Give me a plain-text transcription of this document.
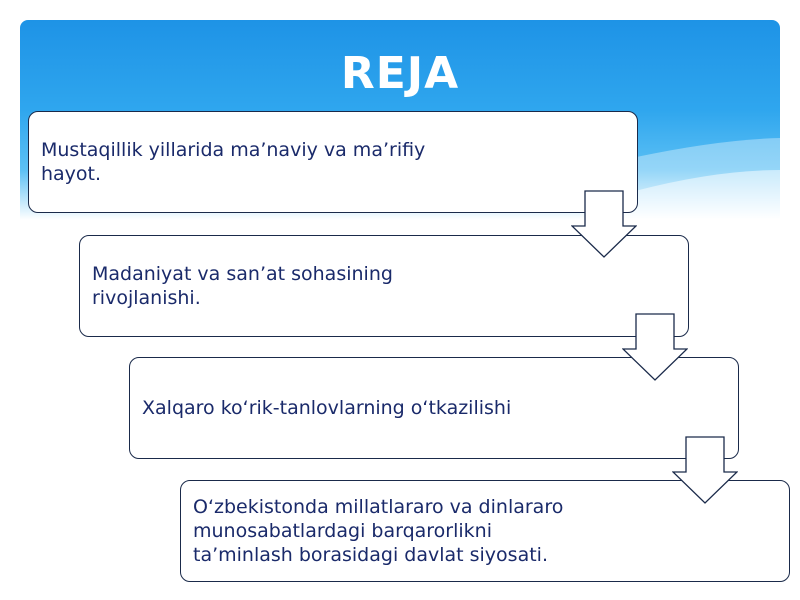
REJA
Mustaqillik yillarida ma’naviy va ma’rifiy
hayot.
Madaniyat va san’at sohasining
rivojlanishi.
Xalqaro ko‘rik-tanlovlarning o‘tkazilishi
O‘zbekistonda millatlararo va dinlararo
munosabatlardagi barqarorlikni
ta’minlash borasidagi davlat siyosati.
